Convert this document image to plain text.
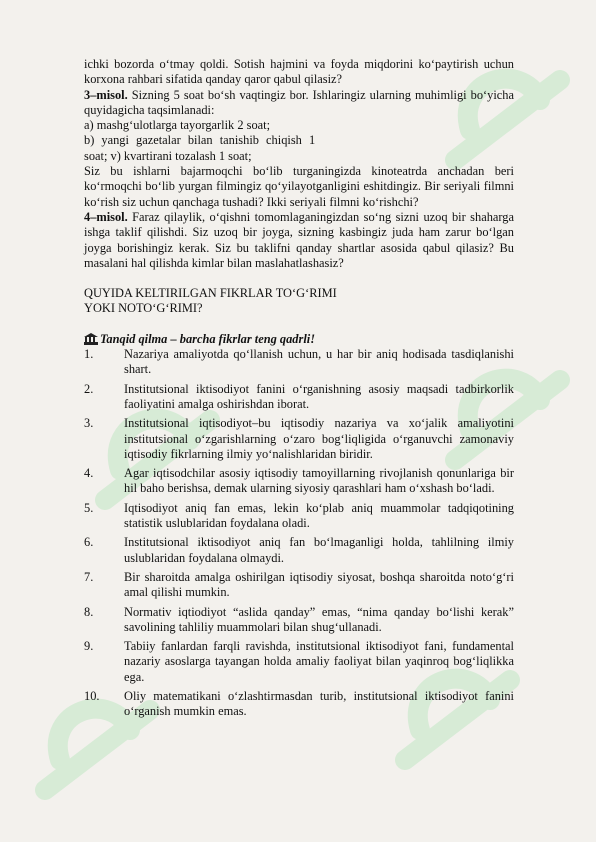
ichki bozorda o‘tmay qoldi. Sotish hajmini va foyda miqdorini ko‘paytirish uchun korxona rahbari sifatida qanday qaror qabul qilasiz?

3–misol. Sizning 5 soat bo‘sh vaqtingiz bor. Ishlaringiz ularning muhimligi bo‘yicha quyidagicha taqsimlanadi:

a) mashg‘ulotlarga tayorgarlik 2 soat;

b) yangi gazetalar bilan tanishib chiqish 1

soat; v) kvartirani tozalash 1 soat;

Siz bu ishlarni bajarmoqchi bo‘lib turganingizda kinoteatrda anchadan beri ko‘rmoqchi bo‘lib yurgan filmingiz qo‘yilayotganligini eshitdingiz. Bir seriyali filmni ko‘rish siz uchun qanchaga tushadi? Ikki seriyali filmni ko‘rishchi?

4–misol. Faraz qilaylik, o‘qishni tomomlaganingizdan so‘ng sizni uzoq bir shaharga ishga taklif qilishdi. Siz uzoq bir joyga, sizning kasbingiz juda ham zarur bo‘lgan joyga borishingiz kerak. Siz bu taklifni qanday shartlar asosida qabul qilasiz? Bu masalani hal qilishda kimlar bilan maslahatlashasiz?

QUYIDA KELTIRILGAN FIKRLAR TO‘G‘RIMI

YOKI NOTO‘G‘RIMI?

Tanqid qilma – barcha fikrlar teng qadrli!

1.	Nazariya amaliyotda qo‘llanish uchun, u har bir aniq hodisada tasdiqlanishi shart.
2.	Institutsional iktisodiyot fanini o‘rganishning asosiy maqsadi tadbirkorlik faoliyatini amalga oshirishdan iborat.
3.	Institutsional iqtisodiyot–bu iqtisodiy nazariya va xo‘jalik amaliyotini institutsional o‘zgarishlarning o‘zaro bog‘liqligida o‘rganuvchi zamonaviy iqtisodiy fikrlarning ilmiy yo‘nalishlaridan biridir.
4.	Agar iqtisodchilar asosiy iqtisodiy tamoyillarning rivojlanish qonunlariga bir hil baho berishsa, demak ularning siyosiy qarashlari ham o‘xshash bo‘ladi.
5.	Iqtisodiyot aniq fan emas, lekin ko‘plab aniq muammolar tadqiqotining statistik uslublaridan foydalana oladi.
6.	Institutsional iktisodiyot aniq fan bo‘lmaganligi holda, tahlilning ilmiy uslublaridan foydalana olmaydi.
7.	Bir sharoitda amalga oshirilgan iqtisodiy siyosat, boshqa sharoitda noto‘g‘ri amal qilishi mumkin.
8.	Normativ iqtiodiyot “aslida qanday” emas, “nima qanday bo‘lishi kerak” savolining tahliliy muammolari bilan shug‘ullanadi.
9.	Tabiiy fanlardan farqli ravishda, institutsional iktisodiyot fani, fundamental nazariy asoslarga tayangan holda amaliy faoliyat bilan yaqinroq bog‘liqlikka ega.
10.	Oliy matematikani o‘zlashtirmasdan turib, institutsional iktisodiyot fanini o‘rganish mumkin emas.
